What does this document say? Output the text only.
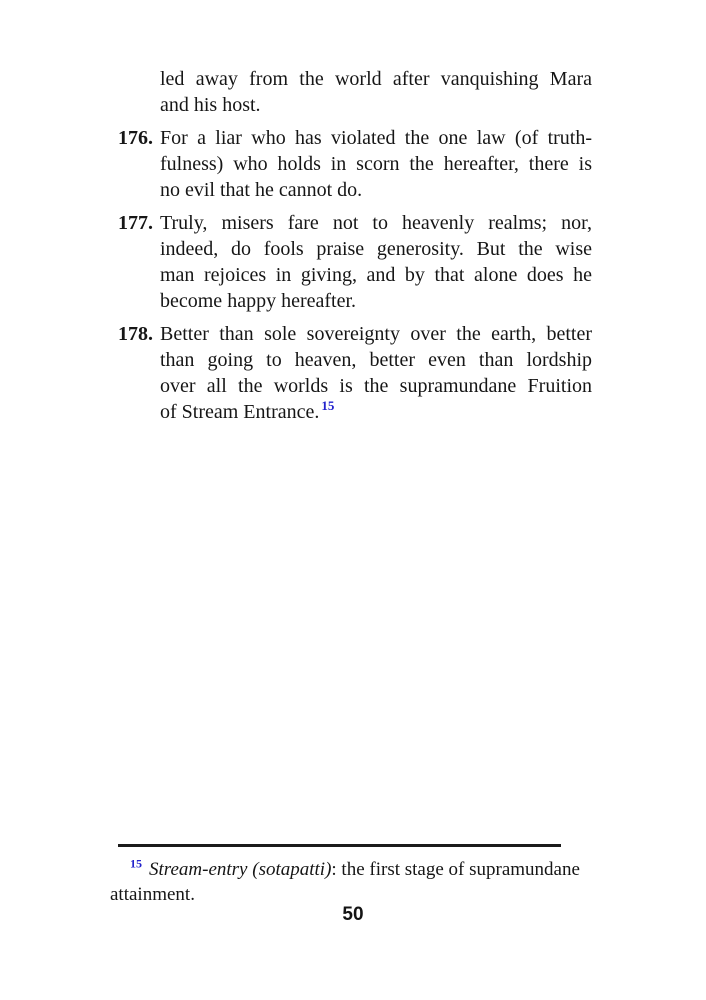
led away from the world after vanquishing Mara
and his host.
176. For a liar who has violated the one law (of truth-
fulness) who holds in scorn the hereafter, there is
no evil that he cannot do.
177. Truly, misers fare not to heavenly realms; nor,
indeed, do fools praise generosity. But the wise
man rejoices in giving, and by that alone does he
become happy hereafter.
178. Better than sole sovereignty over the earth, better
than going to heaven, better even than lordship
over all the worlds is the supramundane Fruition
of Stream Entrance. $^{15}$
$^{15}$ Stream-entry (sotapatti): the first stage of supramundane
attainment.
50
